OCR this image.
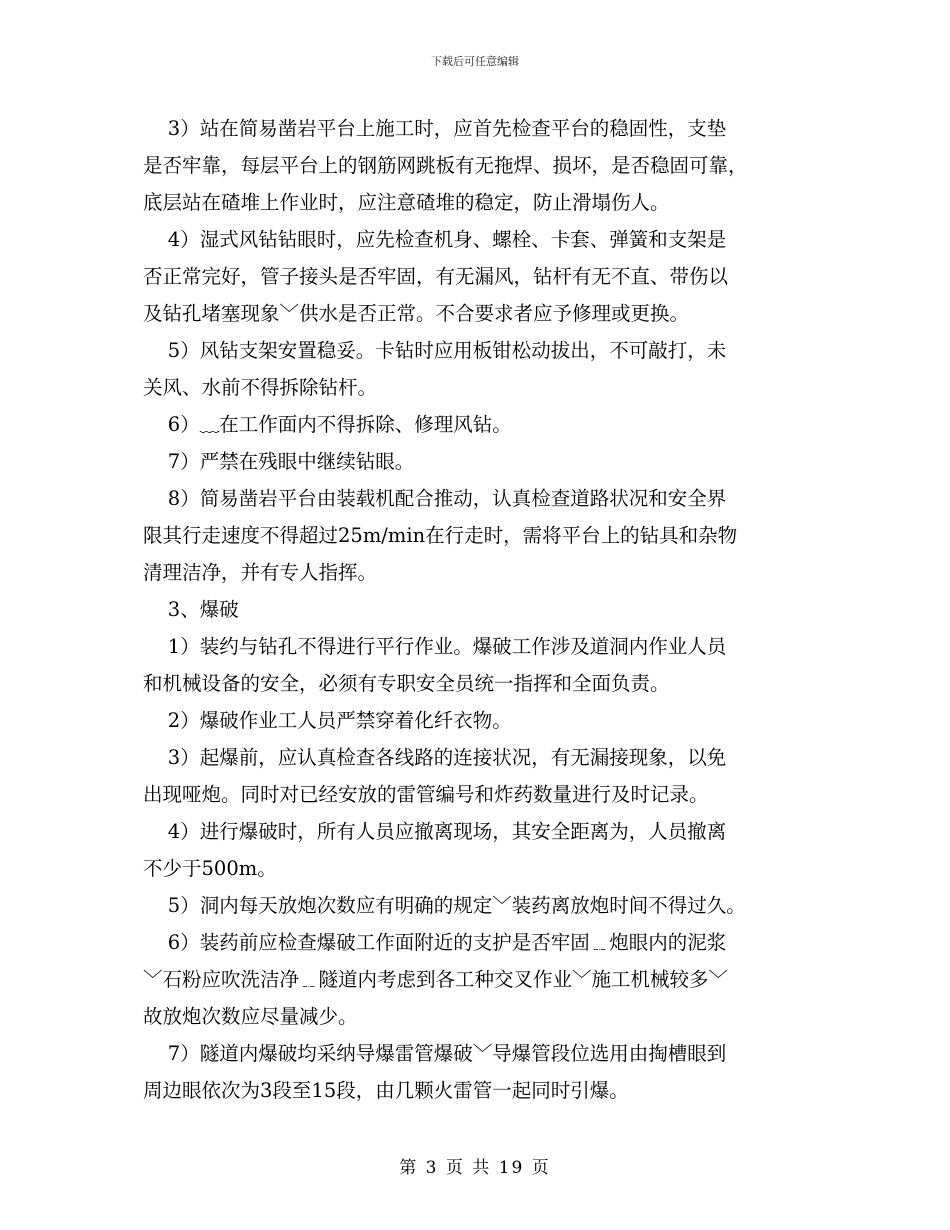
下载后可任意编辑
3）站在简易凿岩平台上施工时，应首先检查平台的稳固性，支垫
是否牢靠，每层平台上的钢筋网跳板有无拖焊、损坏，是否稳固可靠，
底层站在碴堆上作业时，应注意碴堆的稳定，防止滑塌伤人。
4）湿式风钻钻眼时，应先检查机身、螺栓、卡套、弹簧和支架是
否正常完好，管子接头是否牢固，有无漏风，钻杆有无不直、带伤以
及钻孔堵塞现象﹀供水是否正常。不合要求者应予修理或更换。
5）风钻支架安置稳妥。卡钻时应用板钳松动拔出，不可敲打，未
关风、水前不得拆除钻杆。
6）﹏在工作面内不得拆除、修理风钻。
7）严禁在残眼中继续钻眼。
8）简易凿岩平台由装载机配合推动，认真检查道路状况和安全界
限其行走速度不得超过25m/min在行走时，需将平台上的钻具和杂物
清理洁净，并有专人指挥。
3、爆破
1）装约与钻孔不得进行平行作业。爆破工作涉及道洞内作业人员
和机械设备的安全，必须有专职安全员统一指挥和全面负责。
2）爆破作业工人员严禁穿着化纤衣物。
3）起爆前，应认真检查各线路的连接状况，有无漏接现象，以免
出现哑炮。同时对已经安放的雷管编号和炸药数量进行及时记录。
4）进行爆破时，所有人员应撤离现场，其安全距离为，人员撤离
不少于500m。
5）洞内每天放炮次数应有明确的规定﹀装药离放炮时间不得过久。
6）装药前应检查爆破工作面附近的支护是否牢固﹎炮眼内的泥浆
﹀石粉应吹洗洁净﹎隧道内考虑到各工种交叉作业﹀施工机械较多﹀
故放炮次数应尽量减少。
7）隧道内爆破均采纳导爆雷管爆破﹀导爆管段位选用由掏槽眼到
周边眼依次为3段至15段，由几颗火雷管一起同时引爆。
第 3 页 共 19 页
